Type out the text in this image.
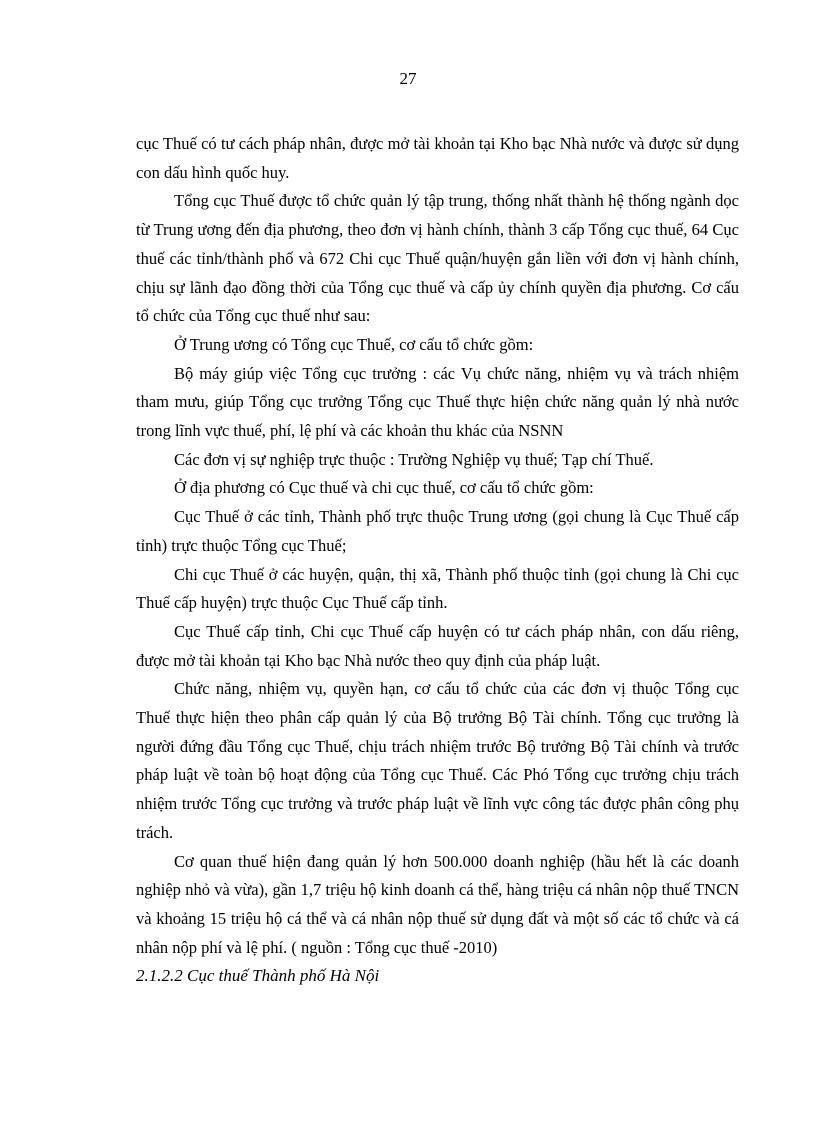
27

cục Thuế có tư cách pháp nhân, được mở tài khoản tại Kho bạc Nhà nước và được sử dụng con dấu hình quốc huy.

Tổng cục Thuế được tổ chức quản lý tập trung, thống nhất thành hệ thống ngành dọc từ Trung ương đến địa phương, theo đơn vị hành chính, thành 3 cấp Tổng cục thuế, 64 Cục thuế các tỉnh/thành phố và 672 Chi cục Thuế quận/huyện gắn liền với đơn vị hành chính, chịu sự lãnh đạo đồng thời của Tổng cục thuế và cấp ủy chính quyền địa phương. Cơ cấu tổ chức của Tổng cục thuế như sau:

Ở Trung ương có Tổng cục Thuế, cơ cấu tổ chức gồm:

Bộ máy giúp việc Tổng cục trưởng : các Vụ chức năng, nhiệm vụ và trách nhiệm tham mưu, giúp Tổng cục trưởng Tổng cục Thuế thực hiện chức năng quản lý nhà nước trong lĩnh vực thuế, phí, lệ phí và các khoản thu khác của NSNN

Các đơn vị sự nghiệp trực thuộc : Trường Nghiệp vụ thuế; Tạp chí Thuế.

Ở địa phương có Cục thuế và chi cục thuế, cơ cấu tổ chức gồm:

Cục Thuế ở các tỉnh, Thành phố trực thuộc Trung ương (gọi chung là Cục Thuế cấp tỉnh) trực thuộc Tổng cục Thuế;

Chi cục Thuế ở các huyện, quận, thị xã, Thành phố thuộc tỉnh (gọi chung là Chi cục Thuế cấp huyện) trực thuộc Cục Thuế cấp tỉnh.

Cục Thuế cấp tỉnh, Chi cục Thuế cấp huyện có tư cách pháp nhân, con dấu riêng, được mở tài khoản tại Kho bạc Nhà nước theo quy định của pháp luật.

Chức năng, nhiệm vụ, quyền hạn, cơ cấu tổ chức của các đơn vị thuộc Tổng cục Thuế thực hiện theo phân cấp quản lý của Bộ trưởng Bộ Tài chính. Tổng cục trưởng là người đứng đầu Tổng cục Thuế, chịu trách nhiệm trước Bộ trưởng Bộ Tài chính và trước pháp luật về toàn bộ hoạt động của Tổng cục Thuế. Các Phó Tổng cục trưởng chịu trách nhiệm trước Tổng cục trưởng và trước pháp luật về lĩnh vực công tác được phân công phụ trách.

Cơ quan thuế hiện đang quản lý hơn 500.000 doanh nghiệp (hầu hết là các doanh nghiệp nhỏ và vừa), gần 1,7 triệu hộ kinh doanh cá thể, hàng triệu cá nhân nộp thuế TNCN và khoảng 15 triệu hộ cá thể và cá nhân nộp thuế sử dụng đất và một số các tổ chức và cá nhân nộp phí và lệ phí. ( nguồn : Tổng cục thuế -2010)

2.1.2.2 Cục thuế Thành phố Hà Nội
